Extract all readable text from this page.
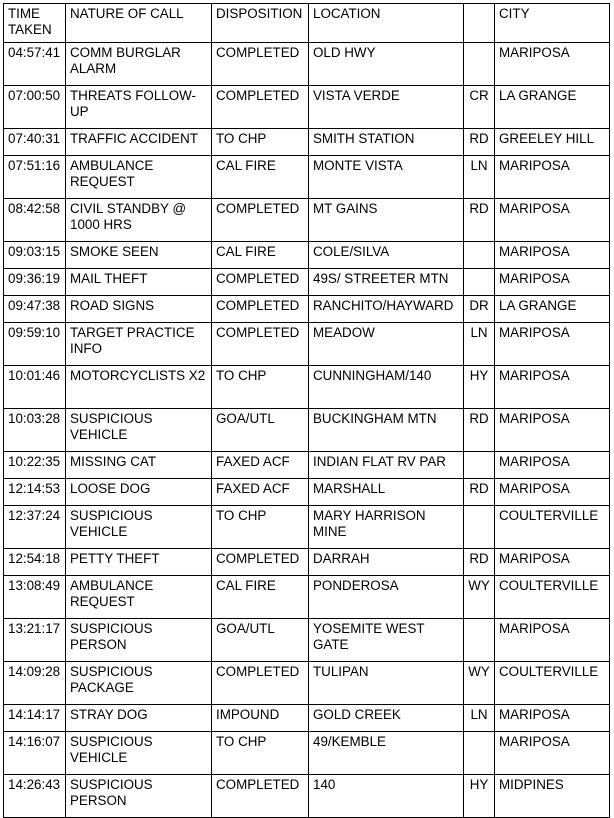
TIME TAKEN	NATURE OF CALL	DISPOSITION	LOCATION		CITY
04:57:41	COMM BURGLAR ALARM	COMPLETED	OLD HWY		MARIPOSA
07:00:50	THREATS FOLLOW-UP	COMPLETED	VISTA VERDE	CR	LA GRANGE
07:40:31	TRAFFIC ACCIDENT	TO CHP	SMITH STATION	RD	GREELEY HILL
07:51:16	AMBULANCE REQUEST	CAL FIRE	MONTE VISTA	LN	MARIPOSA
08:42:58	CIVIL STANDBY @ 1000 HRS	COMPLETED	MT GAINS	RD	MARIPOSA
09:03:15	SMOKE SEEN	CAL FIRE	COLE/SILVA		MARIPOSA
09:36:19	MAIL THEFT	COMPLETED	49S/ STREETER MTN		MARIPOSA
09:47:38	ROAD SIGNS	COMPLETED	RANCHITO/HAYWARD	DR	LA GRANGE
09:59:10	TARGET PRACTICE INFO	COMPLETED	MEADOW	LN	MARIPOSA
10:01:46	MOTORCYCLISTS X2	TO CHP	CUNNINGHAM/140	HY	MARIPOSA
10:03:28	SUSPICIOUS VEHICLE	GOA/UTL	BUCKINGHAM MTN	RD	MARIPOSA
10:22:35	MISSING CAT	FAXED ACF	INDIAN FLAT RV PAR		MARIPOSA
12:14:53	LOOSE DOG	FAXED ACF	MARSHALL	RD	MARIPOSA
12:37:24	SUSPICIOUS VEHICLE	TO CHP	MARY HARRISON MINE		COULTERVILLE
12:54:18	PETTY THEFT	COMPLETED	DARRAH	RD	MARIPOSA
13:08:49	AMBULANCE REQUEST	CAL FIRE	PONDEROSA	WY	COULTERVILLE
13:21:17	SUSPICIOUS PERSON	GOA/UTL	YOSEMITE WEST GATE		MARIPOSA
14:09:28	SUSPICIOUS PACKAGE	COMPLETED	TULIPAN	WY	COULTERVILLE
14:14:17	STRAY DOG	IMPOUND	GOLD CREEK	LN	MARIPOSA
14:16:07	SUSPICIOUS VEHICLE	TO CHP	49/KEMBLE		MARIPOSA
14:26:43	SUSPICIOUS PERSON	COMPLETED	140	HY	MIDPINES
